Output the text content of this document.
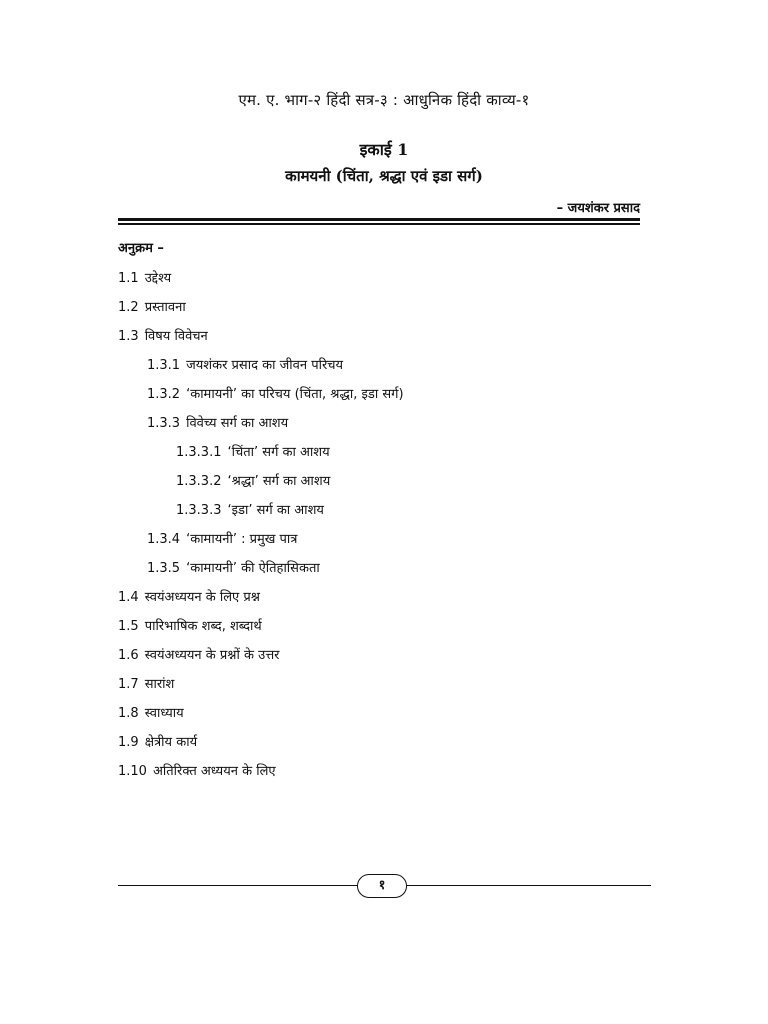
एम. ए. भाग-२ हिंदी सत्र-३ : आधुनिक हिंदी काव्य-१
इकाई 1
कामयनी (चिंता, श्रद्धा एवं इडा सर्ग)
– जयशंकर प्रसाद
अनुक्रम –
1.1 उद्देश्य
1.2 प्रस्तावना
1.3 विषय विवेचन
1.3.1 जयशंकर प्रसाद का जीवन परिचय
1.3.2 ‘कामायनी’ का परिचय (चिंता, श्रद्धा, इडा सर्ग)
1.3.3 विवेच्य सर्ग का आशय
1.3.3.1 ‘चिंता’ सर्ग का आशय
1.3.3.2 ‘श्रद्धा’ सर्ग का आशय
1.3.3.3 ‘इडा’ सर्ग का आशय
1.3.4 ‘कामायनी’ : प्रमुख पात्र
1.3.5 ‘कामायनी’ की ऐतिहासिकता
1.4 स्वयंअध्ययन के लिए प्रश्न
1.5 पारिभाषिक शब्द, शब्दार्थ
1.6 स्वयंअध्ययन के प्रश्नों के उत्तर
1.7 सारांश
1.8 स्वाध्याय
1.9 क्षेत्रीय कार्य
1.10 अतिरिक्त अध्ययन के लिए
१
